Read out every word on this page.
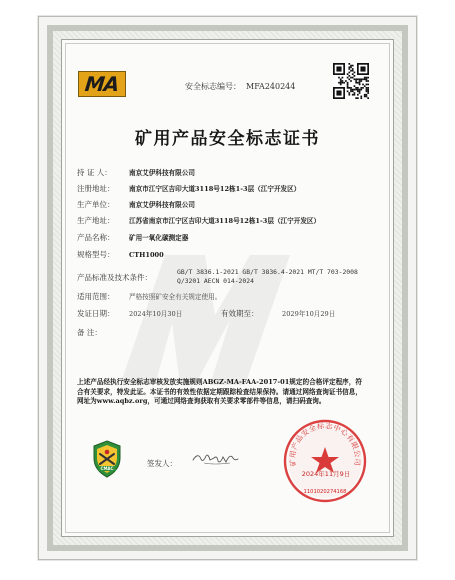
MA	安全标志编号： MFA240244
矿用产品安全标志证书
持 证 人：	南京艾伊科技有限公司
注册地址： 南京市江宁区吉印大道3118号12栋1-3层（江宁开发区）
生产单位： 南京艾伊科技有限公司
生产地址： 江苏省南京市江宁区吉印大道3118号12栋1-3层（江宁开发区）
产品名称： 矿用一氧化碳测定器
规格型号： CTH1000
产品标准及技术条件：
GB/T 3836.1-2021 GB/T 3836.4-2021 MT/T 703-2008
Q/3201 AECN 014-2024
适用范围： 严格按照矿安全有关规定使用。
发证日期： 2024年10月30日	有效期至：	2029年10月29日
备 注：
上述产品经执行安全标志审核发放实施规则ABGZ-MA-FAA-2017-01规定的合格评定程序，符合有关要求，特发此证。本证书的有效性依据定期跟踪检查结果保持。请通过网络查询证书信息，网址为www.aqbz.org，可通过网络查询获取有关要求零部件等信息，请扫码查询。
CMAC
签发人：	矿用产品安全标志中心有限公司
1101020274168
2024年11月9日
